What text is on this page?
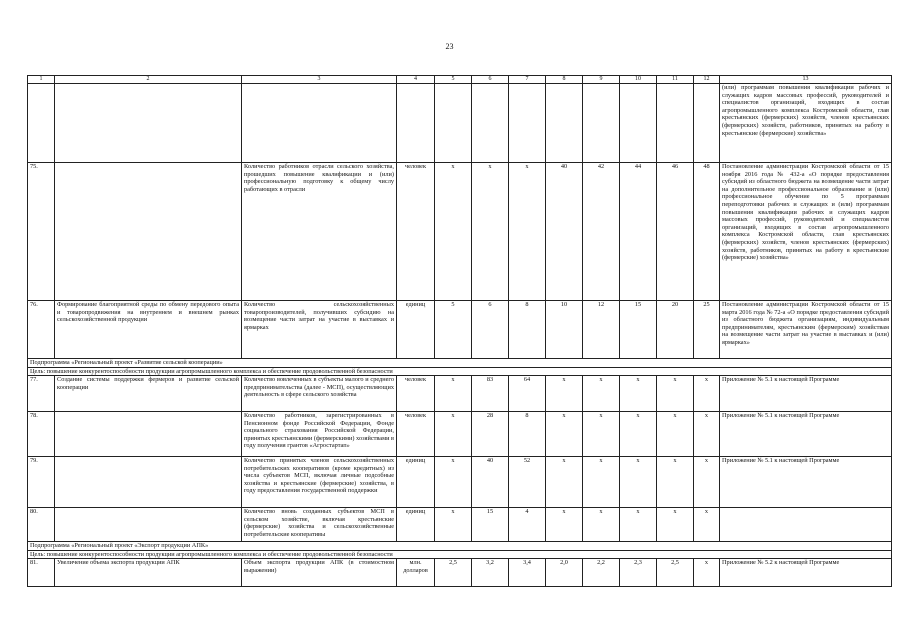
23
1	2	3	4	5	6	7	8	9	10	11	12	13
												(или) программам повышения квалификации рабочих и служащих кадров массовых профессий, руководителей и специалистов организаций, входящих в состав агропромышленного комплекса Костромской области, глав крестьянских (фермерских) хозяйств, членов крестьянских (фермерских) хозяйств, работников, принятых на работу в крестьянские (фермерские) хозяйства»
75.		Количество работников отрасли сельского хозяйства, прошедших повышение квалификации и (или) профессиональную подготовку к общему числу работающих в отрасли	человек	х	х	х	40	42	44	46	48	Постановление администрации Костромской области от 15 ноября 2016 года № 432-а «О порядке предоставления субсидий из областного бюджета на возмещение части затрат на дополнительное профессиональное образование и (или) профессиональное обучение по 5 программам переподготовки рабочих и служащих и (или) программам повышения квалификации рабочих и служащих кадров массовых профессий, руководителей и специалистов организаций, входящих в состав агропромышленного комплекса Костромской области, глав крестьянских (фермерских) хозяйств, членов крестьянских (фермерских) хозяйств, работников, принятых на работу в крестьянские (фермерские) хозяйства»
76.	Формирование благоприятной среды по обмену передового опыта и товаропродвижения на внутреннем и внешнем рынках сельскохозяйственной продукции	Количество сельскохозяйственных товаропроизводителей, получивших субсидию на возмещение части затрат на участие в выставках и ярмарках	единиц	5	6	8	10	12	15	20	25	Постановление администрации Костромской области от 15 марта 2016 года № 72-а «О порядке предоставления субсидий из областного бюджета организациям, индивидуальным предпринимателям, крестьянским (фермерским) хозяйствам на возмещение части затрат на участие в выставках и (или) ярмарках»
Подпрограмма «Региональный проект «Развитие сельской кооперации»												
Цель: повышение конкурентоспособности продукции агропромышленного комплекса и обеспечение продовольственной безопасности												
77.	Создание системы поддержки фермеров и развитие сельской кооперации	Количество вовлеченных в субъекты малого и среднего предпринимательства (далее - МСП), осуществляющих деятельность в сфере сельского хозяйства	человек	х	83	64	х	х	х	х	х	Приложение № 5.1 к настоящей Программе
78.		Количество работников, зарегистрированных в Пенсионном фонде Российской Федерации, Фонде социального страхования Российской Федерации, принятых крестьянскими (фермерскими) хозяйствами в году получения грантов «Агростартап»	человек	х	28	8	х	х	х	х	х	Приложение № 5.1 к настоящей Программе
79.		Количество принятых членов сельскохозяйственных потребительских кооперативов (кроме кредитных) из числа субъектов МСП, включая личные подсобные хозяйства и крестьянские (фермерские) хозяйства, в году предоставления государственной поддержки	единиц	х	40	52	х	х	х	х	х	Приложение № 5.1 к настоящей Программе
80.		Количество вновь созданных субъектов МСП в сельском хозяйстве, включая крестьянские (фермерские) хозяйства и сельскохозяйственные потребительские кооперативы	единиц	х	15	4	х	х	х	х	х	
Подпрограмма «Региональный проект «Экспорт продукции АПК»												
Цель: повышение конкурентоспособности продукции агропромышленного комплекса и обеспечение продовольственной безопасности												
81.	Увеличение объема экспорта продукции АПК	Объем экспорта продукции АПК (в стоимостном выражении)	млн. долларов	2,5	3,2	3,4	2,0	2,2	2,3	2,5	х	Приложение № 5.2 к настоящей Программе
